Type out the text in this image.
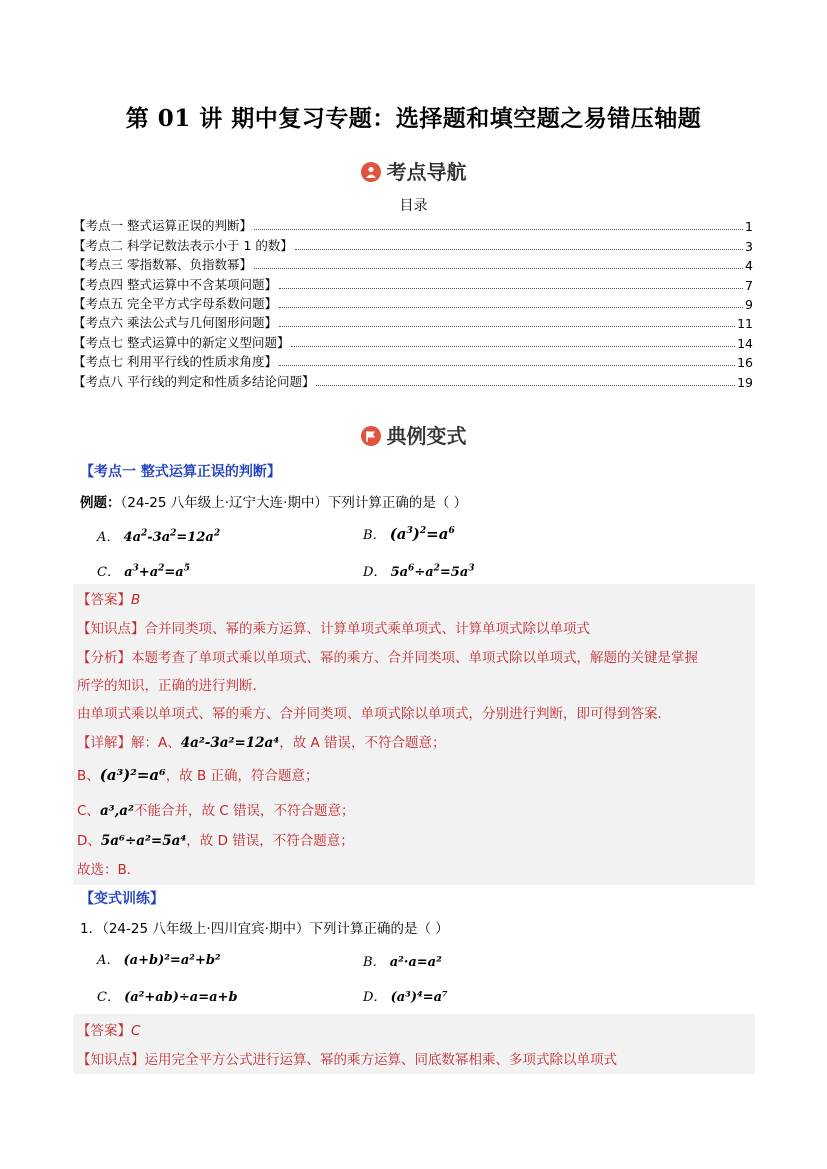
第 01 讲 期中复习专题：选择题和填空题之易错压轴题
考点导航
目录
【考点一 整式运算正误的判断】	1
【考点二 科学记数法表示小于 1 的数】	3
【考点三 零指数幂、负指数幂】	4
【考点四 整式运算中不含某项问题】	7
【考点五 完全平方式字母系数问题】	9
【考点六 乘法公式与几何图形问题】	11
【考点七 整式运算中的新定义型问题】	14
【考点七 利用平行线的性质求角度】	16
【考点八 平行线的判定和性质多结论问题】	19
典例变式
【考点一 整式运算正误的判断】
例题：（24-25 八年级上·辽宁大连·期中）下列计算正确的是（ ）
A． $4a^2-3a^2=12a^2$	B． $(a^3)^2=a^6$
C． $a^3+a^2=a^5$	D． $5a^6\div a^2=5a^3$
【答案】B
【知识点】合并同类项、幂的乘方运算、计算单项式乘单项式、计算单项式除以单项式
【分析】本题考查了单项式乘以单项式、幂的乘方、合并同类项、单项式除以单项式，解题的关键是掌握
所学的知识，正确的进行判断．
由单项式乘以单项式、幂的乘方、合并同类项、单项式除以单项式，分别进行判断，即可得到答案．
【详解】解：A、4a²-3a²=12a⁴，故 A 错误，不符合题意；
B、(a³)²=a⁶，故 B 正确，符合题意；
C、a³,a²不能合并，故 C 错误，不符合题意；
D、5a⁶÷a²=5a⁴，故 D 错误，不符合题意；
故选：B．
【变式训练】
1．（24-25 八年级上·四川宜宾·期中）下列计算正确的是（ ）
A． (a+b)²=a²+b²	B． a²·a=a²
C． (a²+ab)÷a=a+b	D． (a³)⁴=a⁷
【答案】C
【知识点】运用完全平方公式进行运算、幂的乘方运算、同底数幂相乘、多项式除以单项式
